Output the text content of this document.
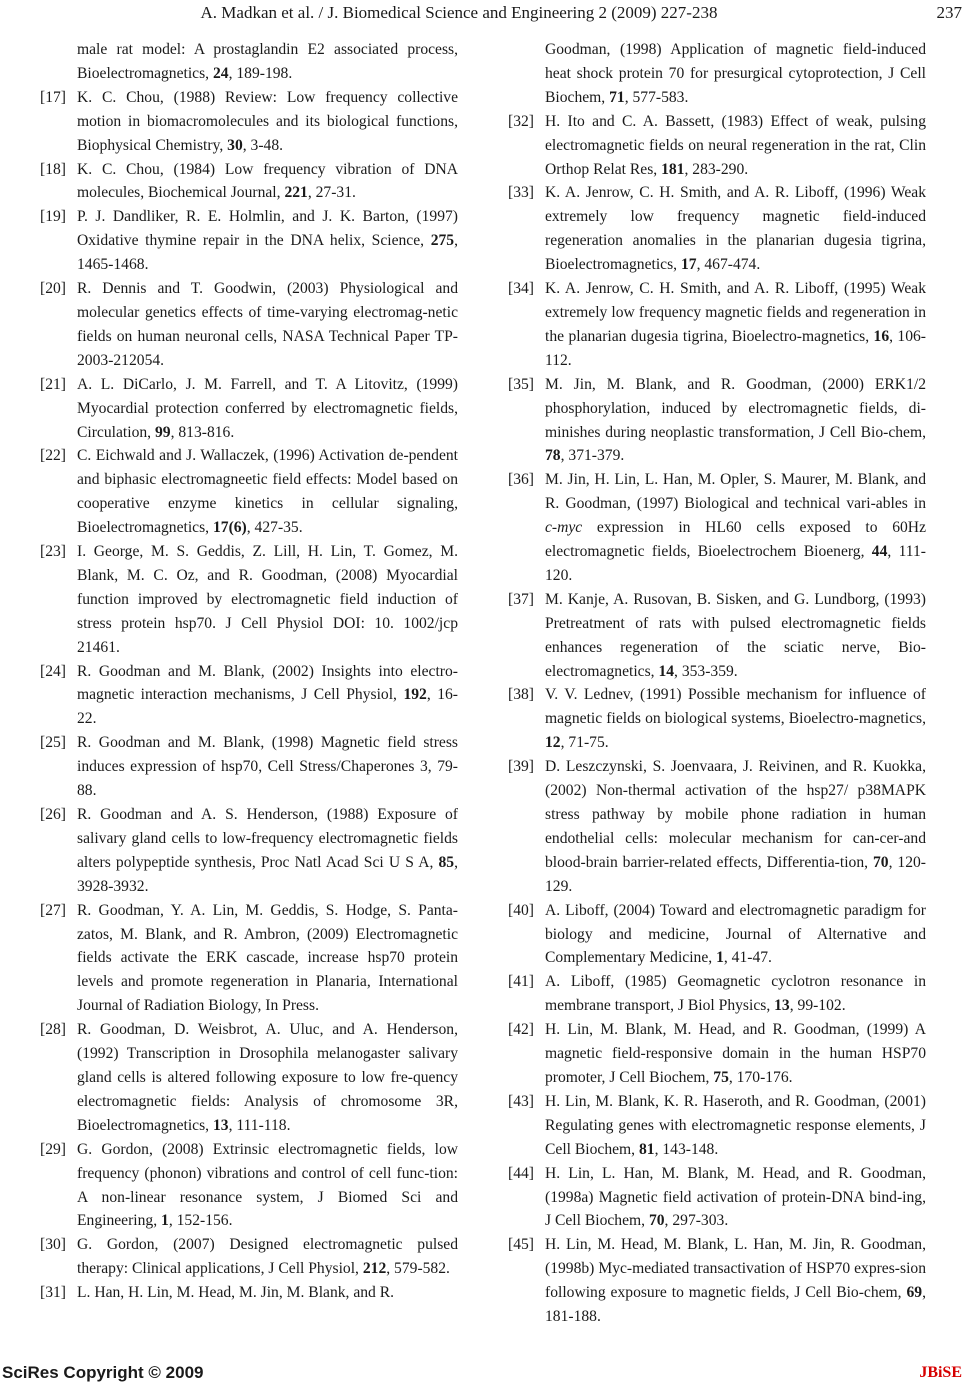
A. Madkan et al. / J. Biomedical Science and Engineering 2 (2009) 227-238	237
male rat model: A prostaglandin E2 associated process, Bioelectromagnetics, 24, 189-198.
[17] K. C. Chou, (1988) Review: Low frequency collective motion in biomacromolecules and its biological functions, Biophysical Chemistry, 30, 3-48.
[18] K. C. Chou, (1984) Low frequency vibration of DNA molecules, Biochemical Journal, 221, 27-31.
[19] P. J. Dandliker, R. E. Holmlin, and J. K. Barton, (1997) Oxidative thymine repair in the DNA helix, Science, 275, 1465-1468.
[20] R. Dennis and T. Goodwin, (2003) Physiological and molecular genetics effects of time-varying electromag-netic fields on human neuronal cells, NASA Technical Paper TP-2003-212054.
[21] A. L. DiCarlo, J. M. Farrell, and T. A Litovitz, (1999) Myocardial protection conferred by electromagnetic fields, Circulation, 99, 813-816.
[22] C. Eichwald and J. Wallaczek, (1996) Activation de-pendent and biphasic electromagneetic field effects: Model based on cooperative enzyme kinetics in cellular signaling, Bioelectromagnetics, 17(6), 427-35.
[23] I. George, M. S. Geddis, Z. Lill, H. Lin, T. Gomez, M. Blank, M. C. Oz, and R. Goodman, (2008) Myocardial function improved by electromagnetic field induction of stress protein hsp70. J Cell Physiol DOI: 10. 1002/jcp 21461.
[24] R. Goodman and M. Blank, (2002) Insights into electro-magnetic interaction mechanisms, J Cell Physiol, 192, 16-22.
[25] R. Goodman and M. Blank, (1998) Magnetic field stress induces expression of hsp70, Cell Stress/Chaperones 3, 79-88.
[26] R. Goodman and A. S. Henderson, (1988) Exposure of salivary gland cells to low-frequency electromagnetic fields alters polypeptide synthesis, Proc Natl Acad Sci U S A, 85, 3928-3932.
[27] R. Goodman, Y. A. Lin, M. Geddis, S. Hodge, S. Panta-zatos, M. Blank, and R. Ambron, (2009) Electromagnetic fields activate the ERK cascade, increase hsp70 protein levels and promote regeneration in Planaria, International Journal of Radiation Biology, In Press.
[28] R. Goodman, D. Weisbrot, A. Uluc, and A. Henderson, (1992) Transcription in Drosophila melanogaster salivary gland cells is altered following exposure to low fre-quency electromagnetic fields: Analysis of chromosome 3R, Bioelectromagnetics, 13, 111-118.
[29] G. Gordon, (2008) Extrinsic electromagnetic fields, low frequency (phonon) vibrations and control of cell func-tion: A non-linear resonance system, J Biomed Sci and Engineering, 1, 152-156.
[30] G. Gordon, (2007) Designed electromagnetic pulsed therapy: Clinical applications, J Cell Physiol, 212, 579-582.
[31] L. Han, H. Lin, M. Head, M. Jin, M. Blank, and R.
Goodman, (1998) Application of magnetic field-induced heat shock protein 70 for presurgical cytoprotection, J Cell Biochem, 71, 577-583.
[32] H. Ito and C. A. Bassett, (1983) Effect of weak, pulsing electromagnetic fields on neural regeneration in the rat, Clin Orthop Relat Res, 181, 283-290.
[33] K. A. Jenrow, C. H. Smith, and A. R. Liboff, (1996) Weak extremely low frequency magnetic field-induced regeneration anomalies in the planarian dugesia tigrina, Bioelectromagnetics, 17, 467-474.
[34] K. A. Jenrow, C. H. Smith, and A. R. Liboff, (1995) Weak extremely low frequency magnetic fields and regeneration in the planarian dugesia tigrina, Bioelectro-magnetics, 16, 106-112.
[35] M. Jin, M. Blank, and R. Goodman, (2000) ERK1/2 phosphorylation, induced by electromagnetic fields, di-minishes during neoplastic transformation, J Cell Bio-chem, 78, 371-379.
[36] M. Jin, H. Lin, L. Han, M. Opler, S. Maurer, M. Blank, and R. Goodman, (1997) Biological and technical vari-ables in c-myc expression in HL60 cells exposed to 60Hz electromagnetic fields, Bioelectrochem Bioenerg, 44, 111- 120.
[37] M. Kanje, A. Rusovan, B. Sisken, and G. Lundborg, (1993) Pretreatment of rats with pulsed electromagnetic fields enhances regeneration of the sciatic nerve, Bio-electromagnetics, 14, 353-359.
[38] V. V. Lednev, (1991) Possible mechanism for influence of magnetic fields on biological systems, Bioelectro-magnetics, 12, 71-75.
[39] D. Leszczynski, S. Joenvaara, J. Reivinen, and R. Kuokka, (2002) Non-thermal activation of the hsp27/ p38MAPK stress pathway by mobile phone radiation in human endothelial cells: molecular mechanism for can-cer-and blood-brain barrier-related effects, Differentia-tion, 70, 120-129.
[40] A. Liboff, (2004) Toward and electromagnetic paradigm for biology and medicine, Journal of Alternative and Complementary Medicine, 1, 41-47.
[41] A. Liboff, (1985) Geomagnetic cyclotron resonance in membrane transport, J Biol Physics, 13, 99-102.
[42] H. Lin, M. Blank, M. Head, and R. Goodman, (1999) A magnetic field-responsive domain in the human HSP70 promoter, J Cell Biochem, 75, 170-176.
[43] H. Lin, M. Blank, K. R. Haseroth, and R. Goodman, (2001) Regulating genes with electromagnetic response elements, J Cell Biochem, 81, 143-148.
[44] H. Lin, L. Han, M. Blank, M. Head, and R. Goodman, (1998a) Magnetic field activation of protein-DNA bind-ing, J Cell Biochem, 70, 297-303.
[45] H. Lin, M. Head, M. Blank, L. Han, M. Jin, R. Goodman, (1998b) Myc-mediated transactivation of HSP70 expres-sion following exposure to magnetic fields, J Cell Bio-chem, 69, 181-188.
SciRes Copyright © 2009	JBiSE
